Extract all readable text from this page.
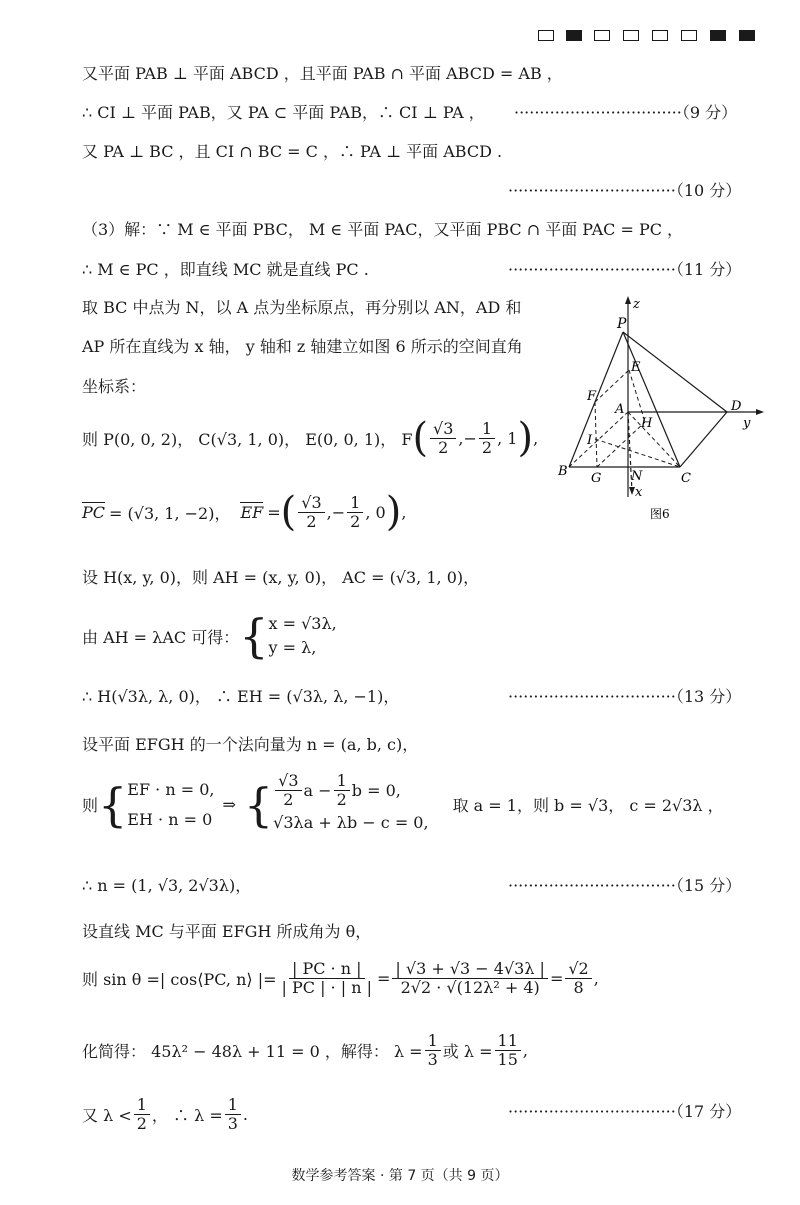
又平面 PAB ⊥ 平面 ABCD ，且平面 PAB ∩ 平面 ABCD = AB ，
∴ CI ⊥ 平面 PAB，又 PA ⊂ 平面 PAB，∴ CI ⊥ PA ， ·································（9 分）
又 PA ⊥ BC ，且 CI ∩ BC = C ，∴ PA ⊥ 平面 ABCD .
·································（10 分）
（3）解：∵ M ∈ 平面 PBC， M ∈ 平面 PAC，又平面 PBC ∩ 平面 PAC = PC ，
∴ M ∈ PC ，即直线 MC 就是直线 PC .	·································（11 分）
取 BC 中点为 N，以 A 点为坐标原点，再分别以 AN，AD 和
AP 所在直线为 x 轴， y 轴和 z 轴建立如图 6 所示的空间直角
坐标系：
则 P(0, 0, 2)， C(√3, 1, 0)， E(0, 0, 1)， F ( $\frac{√3}{2}$ , − $\frac{1}{2}$ , 1 ) ,
PC = (√3, 1, −2)， EF = ( $\frac{√3}{2}$ , − $\frac{1}{2}$ , 0 ) ,
设 H(x, y, 0)，则 AH = (x, y, 0)， AC = (√3, 1, 0)，
由 AH = λAC 可得： { x = √3λ,
y = λ,
∴ H(√3λ, λ, 0)， ∴ EH = (√3λ, λ, −1)，	·································（13 分）
设平面 EFGH 的一个法向量为 n = (a, b, c)，
则 { EF · n = 0,
EH · n = 0
⇒ { $\frac{√3}{2}$ $a - \frac{1}{2}$ b = 0,
√3λa + λb − c = 0,
取 a = 1，则 b = √3， c = 2√3λ ，
∴ n = (1, √3, 2√3λ)，	·································（15 分）
设直线 MC 与平面 EFGH 所成角为 θ，
则 sin θ =| cos⟨PC, n⟩ |= $\frac{| PC \cdot n |}{| PC | \cdot | n |} = \frac{| √3 + √3 - 4√3\lambda |}{\text{2√2 · √(12λ² + 4)}} = \frac{√2}{8}$ ,
化简得： 45λ² − 48λ + 11 = 0 ，解得： $\lambda = \frac{1}{3}$ 或 $\lambda = \frac{11}{15}$ ,
又 $\lambda < \frac{1}{2}$ ， ∴ $\lambda = \frac{1}{3}$ .	·································（17 分）
P
z
E
F
A
H
D
y
I
B G N	C
x
图6
数学参考答案 · 第 7 页（共 9 页）
